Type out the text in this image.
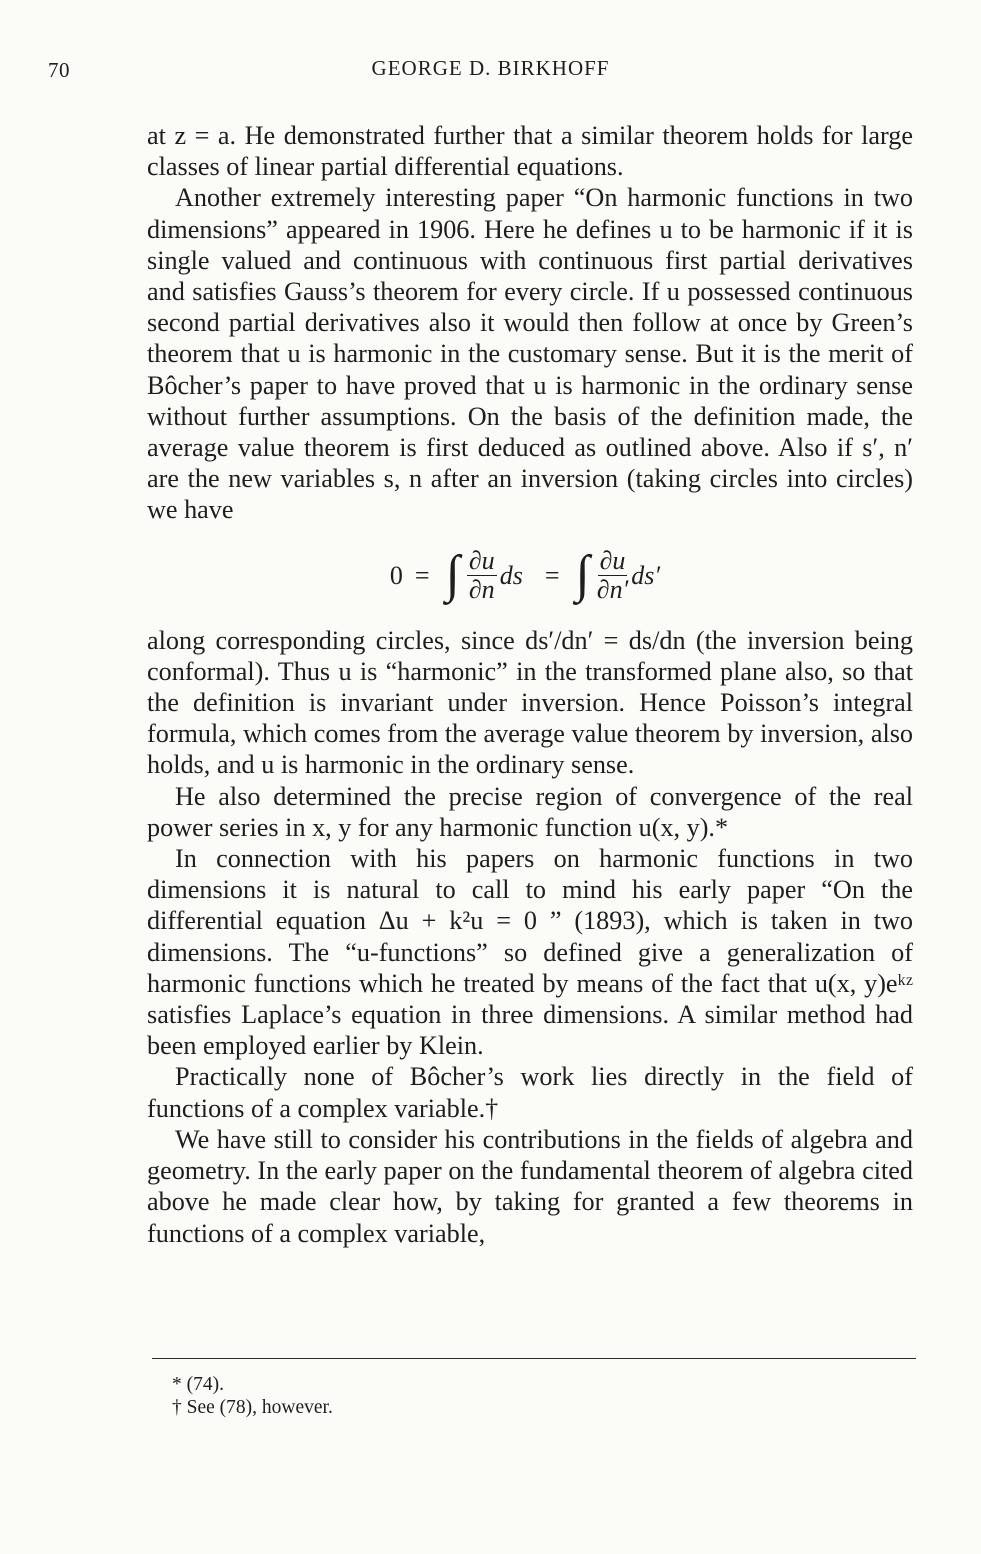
70	GEORGE D. BIRKHOFF

at z = a. He demonstrated further that a similar theorem holds for large classes of linear partial differential equations.

Another extremely interesting paper “On harmonic functions in two dimensions” appeared in 1906. Here he defines u to be harmonic if it is single valued and continuous with continuous first partial derivatives and satisfies Gauss’s theorem for every circle. If u possessed continuous second partial derivatives also it would then follow at once by Green’s theorem that u is harmonic in the customary sense. But it is the merit of Bôcher’s paper to have proved that u is harmonic in the ordinary sense without further assumptions. On the basis of the definition made, the average value theorem is first deduced as outlined above. Also if s′, n′ are the new variables s, n after an inversion (taking circles into circles) we have

0 = ∫ $\frac{\partial u}{\partial n}$ ds = ∫ $\frac{\partial u}{\partial n'} ds'$

along corresponding circles, since ds′/dn′ = ds/dn (the inversion being conformal). Thus u is “harmonic” in the transformed plane also, so that the definition is invariant under inversion. Hence Poisson’s integral formula, which comes from the average value theorem by inversion, also holds, and u is harmonic in the ordinary sense.

He also determined the precise region of convergence of the real power series in x, y for any harmonic function u(x, y).*

In connection with his papers on harmonic functions in two dimensions it is natural to call to mind his early paper “On the differential equation Δu + k²u = 0 ” (1893), which is taken in two dimensions. The “u-functions” so defined give a generalization of harmonic functions which he treated by means of the fact that u(x, y)eᵏᶻ satisfies Laplace’s equation in three dimensions. A similar method had been employed earlier by Klein.

Practically none of Bôcher’s work lies directly in the field of functions of a complex variable.†

We have still to consider his contributions in the fields of algebra and geometry. In the early paper on the fundamental theorem of algebra cited above he made clear how, by taking for granted a few theorems in functions of a complex variable,

* (74).

† See (78), however.
